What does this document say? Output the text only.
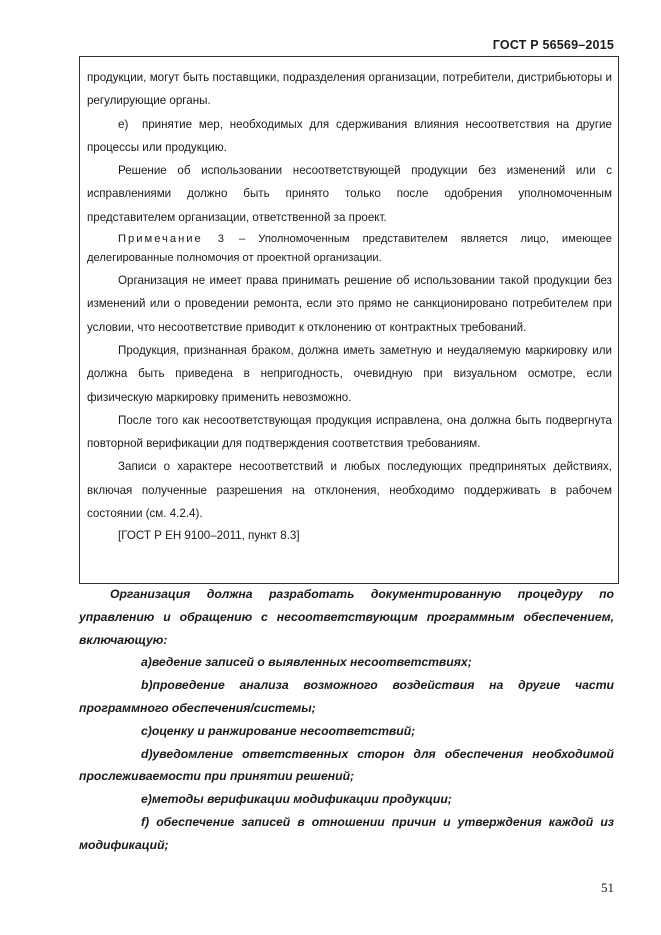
ГОСТ Р 56569–2015

продукции, могут быть поставщики, подразделения организации, потребители, дистрибьюторы и регулирующие органы.

е) принятие мер, необходимых для сдерживания влияния несоответствия на другие процессы или продукцию.

Решение об использовании несоответствующей продукции без изменений или с исправлениями должно быть принято только после одобрения уполномоченным представителем организации, ответственной за проект.

Примечание 3 – Уполномоченным представителем является лицо, имеющее делегированные полномочия от проектной организации.

Организация не имеет права принимать решение об использовании такой продукции без изменений или о проведении ремонта, если это прямо не санкционировано потребителем при условии, что несоответствие приводит к отклонению от контрактных требований.

Продукция, признанная браком, должна иметь заметную и неудаляемую маркировку или должна быть приведена в непригодность, очевидную при визуальном осмотре, если физическую маркировку применить невозможно.

После того как несоответствующая продукция исправлена, она должна быть подвергнута повторной верификации для подтверждения соответствия требованиям.

Записи о характере несоответствий и любых последующих предпринятых действиях, включая полученные разрешения на отклонения, необходимо поддерживать в рабочем состоянии (см. 4.2.4).

[ГОСТ Р ЕН 9100–2011, пункт 8.3]

Организация должна разработать документированную процедуру по управлению и обращению с несоответствующим программным обеспечением, включающую:

a)ведение записей о выявленных несоответствиях;

b)проведение анализа возможного воздействия на другие части программного обеспечения/системы;

c)оценку и ранжирование несоответствий;

d)уведомление ответственных сторон для обеспечения необходимой прослеживаемости при принятии решений;

e)методы верификации модификации продукции;

f) обеспечение записей в отношении причин и утверждения каждой из модификаций;

51
